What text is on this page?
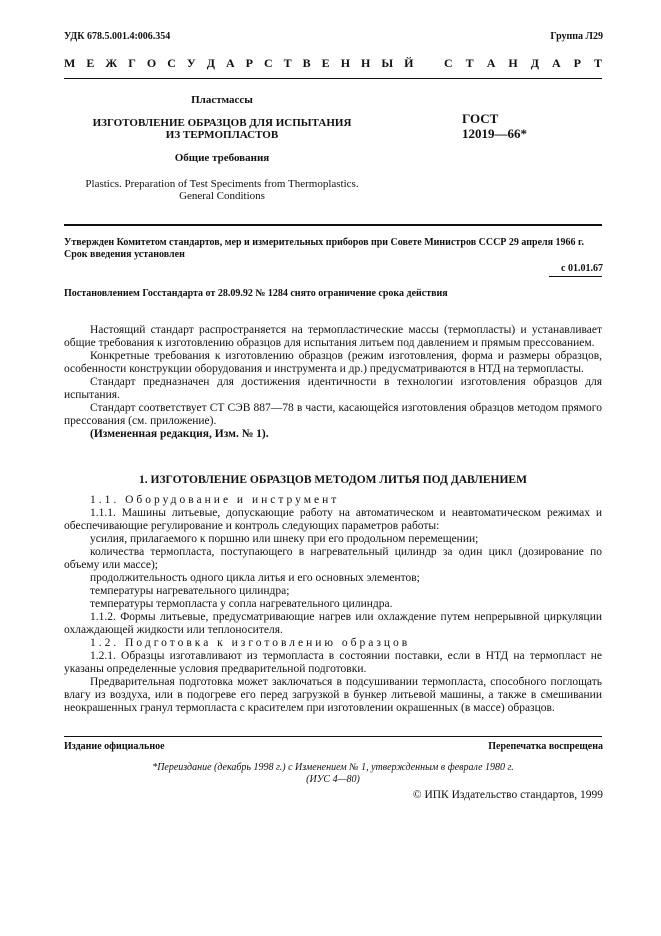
УДК 678.5.001.4:006.354	Группа Л29
М Е Ж Г О С У Д А Р С Т В Е Н Н Ы Й	С Т А Н Д А Р Т
Пластмассы
ИЗГОТОВЛЕНИЕ ОБРАЗЦОВ ДЛЯ ИСПЫТАНИЯ
ИЗ ТЕРМОПЛАСТОВ
Общие требования
Plastics. Preparation of Test Speciments from Thermoplastics.
General Conditions
ГОСТ
12019—66*
Утвержден Комитетом стандартов, мер и измерительных приборов при Совете Министров СССР 29 апреля 1966 г.
Срок введения установлен
с 01.01.67
Постановлением Госстандарта от 28.09.92 № 1284 снято ограничение срока действия

Настоящий стандарт распространяется на термопластические массы (термопласты) и устанавливает общие требования к изготовлению образцов для испытания литьем под давлением и прямым прессованием.

Конкретные требования к изготовлению образцов (режим изготовления, форма и размеры образцов, особенности конструкции оборудования и инструмента и др.) предусматриваются в НТД на термопласты.

Стандарт предназначен для достижения идентичности в технологии изготовления образцов для испытания.

Стандарт соответствует СТ СЭВ 887—78 в части, касающейся изготовления образцов методом прямого прессования (см. приложение).

(Измененная редакция, Изм. № 1).

1. ИЗГОТОВЛЕНИЕ ОБРАЗЦОВ МЕТОДОМ ЛИТЬЯ ПОД ДАВЛЕНИЕМ

1.1. Оборудование и инструмент

1.1.1. Машины литьевые, допускающие работу на автоматическом и неавтоматическом режимах и обеспечивающие регулирование и контроль следующих параметров работы:

усилия, прилагаемого к поршню или шнеку при его продольном перемещении;

количества термопласта, поступающего в нагревательный цилиндр за один цикл (дозирование по объему или массе);

продолжительность одного цикла литья и его основных элементов;

температуры нагревательного цилиндра;

температуры термопласта у сопла нагревательного цилиндра.

1.1.2. Формы литьевые, предусматривающие нагрев или охлаждение путем непрерывной циркуляции охлаждающей жидкости или теплоносителя.

1.2. Подготовка к изготовлению образцов

1.2.1. Образцы изготавливают из термопласта в состоянии поставки, если в НТД на термопласт не указаны определенные условия предварительной подготовки.

Предварительная подготовка может заключаться в подсушивании термопласта, способного поглощать влагу из воздуха, или в подогреве его перед загрузкой в бункер литьевой машины, а также в смешивании неокрашенных гранул термопласта с красителем при изготовлении окрашенных (в массе) образцов.

Издание официальное	Перепечатка воспрещена
*Переиздание (декабрь 1998 г.) с Изменением № 1, утвержденным в феврале 1980 г.
(ИУС 4—80)
© ИПК Издательство стандартов, 1999
